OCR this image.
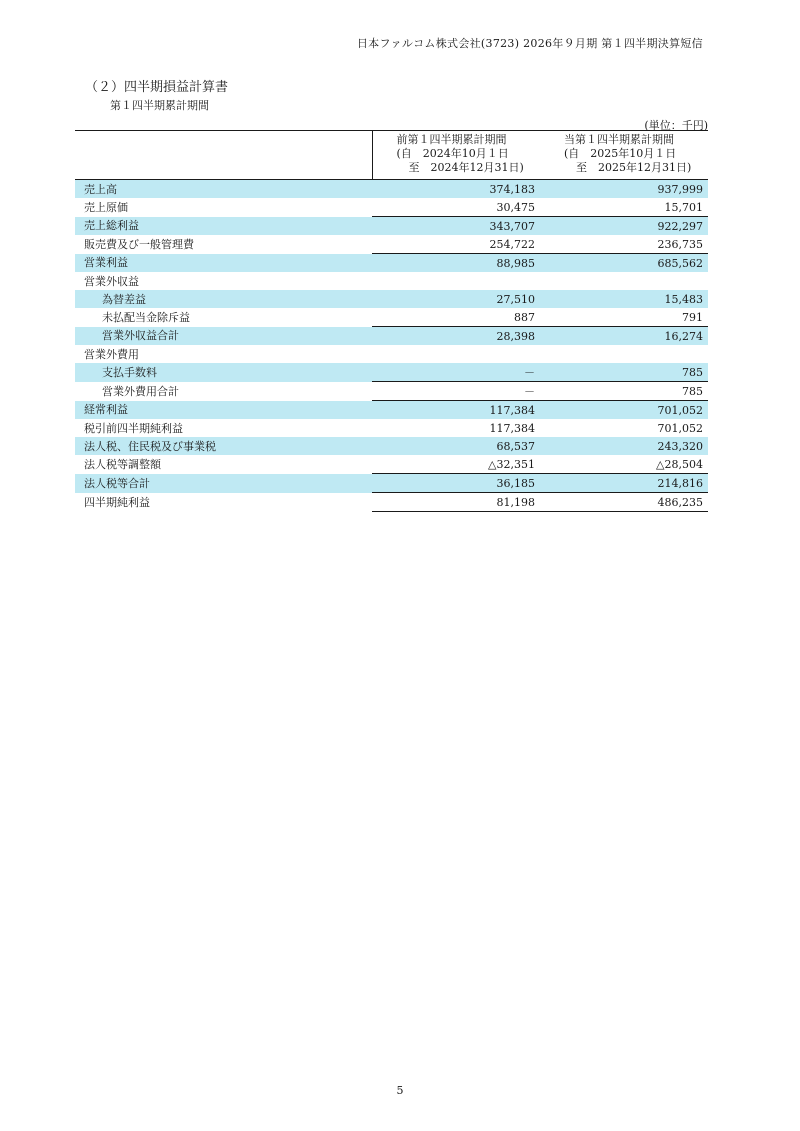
日本ファルコム株式会社(3723) 2026年９月期 第１四半期決算短信
（２）四半期損益計算書
第１四半期累計期間
(単位：千円)

	前第１四半期累計期間
(自　2024年10月１日
至　2024年12月31日)	当第１四半期累計期間
(自　2025年10月１日
至　2025年12月31日)

売上高	374,183	937,999
売上原価	30,475	15,701
売上総利益	343,707	922,297
販売費及び一般管理費	254,722	236,735
営業利益	88,985	685,562
営業外収益		
為替差益	27,510	15,483
未払配当金除斥益	887	791
営業外収益合計	28,398	16,274
営業外費用		
支払手数料	－	785
営業外費用合計	－	785
経常利益	117,384	701,052
税引前四半期純利益	117,384	701,052
法人税、住民税及び事業税	68,537	243,320
法人税等調整額	△32,351	△28,504
法人税等合計	36,185	214,816
四半期純利益	81,198	486,235
5
